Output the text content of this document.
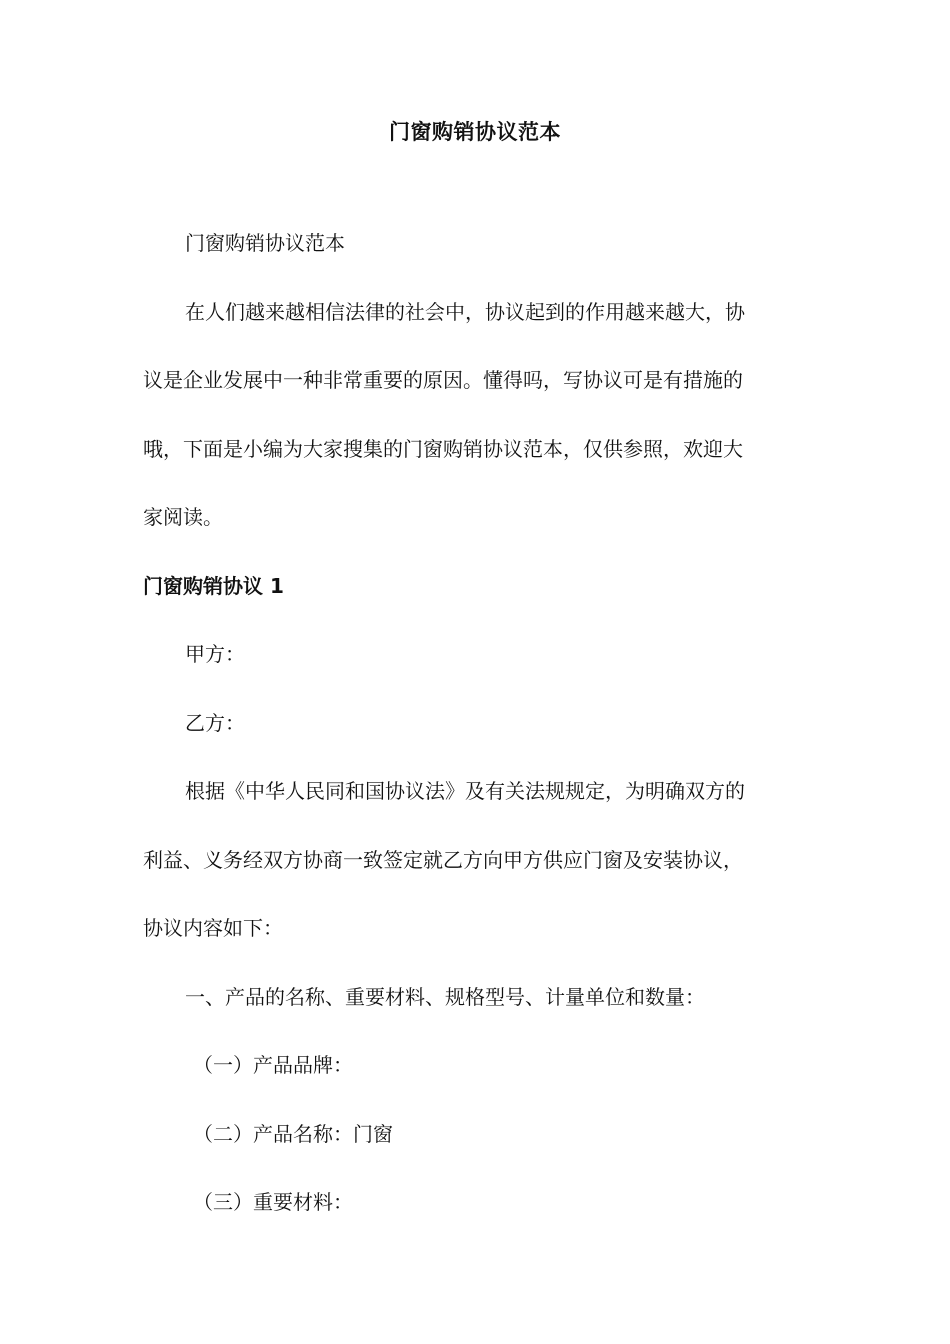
门窗购销协议范本

门窗购销协议范本

在人们越来越相信法律的社会中，协议起到的作用越来越大，协

议是企业发展中一种非常重要的原因。懂得吗，写协议可是有措施的

哦，下面是小编为大家搜集的门窗购销协议范本，仅供参照，欢迎大

家阅读。

门窗购销协议 1

甲方：

乙方：

根据《中华人民同和国协议法》及有关法规规定，为明确双方的

利益、义务经双方协商一致签定就乙方向甲方供应门窗及安装协议，

协议内容如下：

一、产品的名称、重要材料、规格型号、计量单位和数量：

（一）产品品牌：

（二）产品名称：门窗

（三）重要材料：
